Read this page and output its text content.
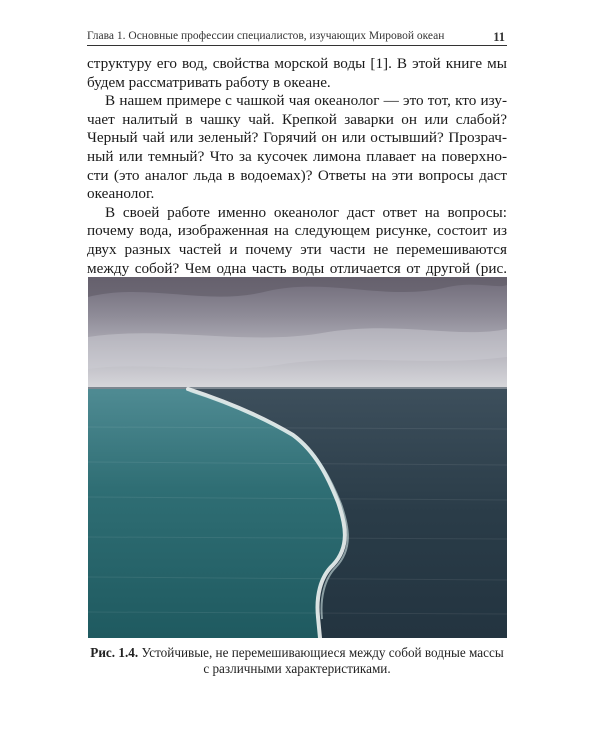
Глава 1. Основные профессии специалистов, изучающих Мировой океан	11

структуру его вод, свойства морской воды [1]. В этой книге мы будем рассматривать работу в океане.

В нашем примере с чашкой чая океанолог — это тот, кто изучает налитый в чашку чай. Крепкой заварки он или слабой? Черный чай или зеленый? Горячий он или остывший? Прозрачный или темный? Что за кусочек лимона плавает на поверхности (это аналог льда в водоемах)? Ответы на эти вопросы даст океанолог.

В своей работе именно океанолог даст ответ на вопросы: почему вода, изображенная на следующем рисунке, состоит из двух разных частей и почему эти части не перемешиваются между собой? Чем одна часть воды отличается от другой (рис.

Рис. 1.4. Устойчивые, не перемешивающиеся между собой водные массы с различными характеристиками.
